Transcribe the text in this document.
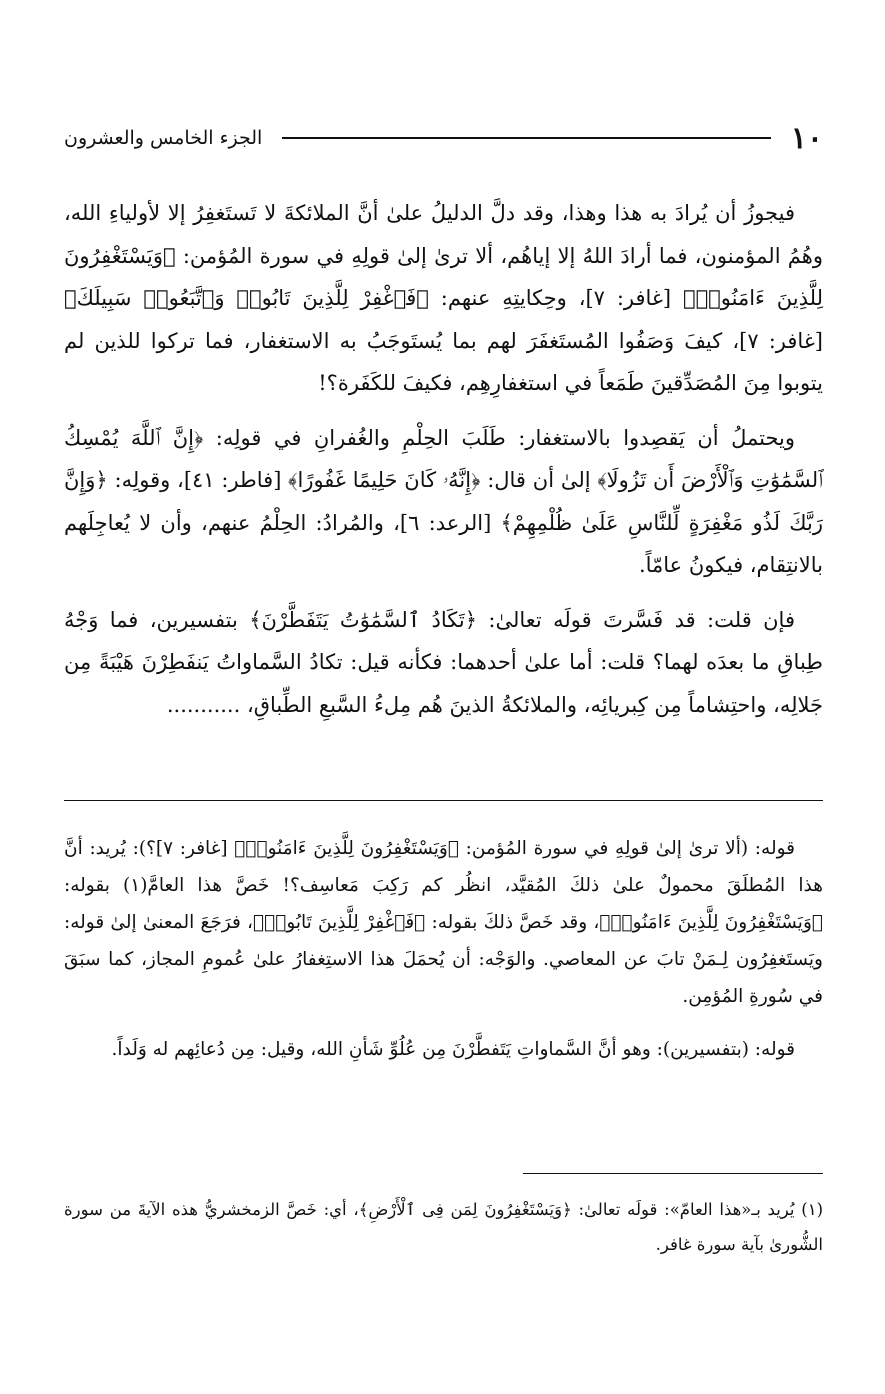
١٠
الجزء الخامس والعشرون

فيجوزُ أن يُرادَ به هذا وهذا، وقد دلَّ الدليلُ علىٰ أنَّ الملائكةَ لا تَستَغفِرُ إلا لأولياءِ الله، وهُمُ المؤمنون، فما أرادَ اللهُ إلا إياهُم، ألا ترىٰ إلىٰ قولِهِ في سورة المُؤمن: ﴿وَيَسْتَغْفِرُونَ لِلَّذِينَ ءَامَنُوا۟﴾ [غافر: ٧]، وحِكايتِهِ عنهم: ﴿فَٱغْفِرْ لِلَّذِينَ تَابُوا۟ وَٱتَّبَعُوا۟ سَبِيلَكَ﴾ [غافر: ٧]، كيفَ وَصَفُوا المُستَغفَرَ لهم بما يُستَوجَبُ به الاستغفار، فما تركوا للذين لم يتوبوا مِنَ المُصَدِّقينَ طَمَعاً في استغفارِهِم، فكيفَ للكَفَرة؟!

ويحتملُ أن يَقصِدوا بالاستغفار: طَلَبَ الحِلْمِ والغُفرانِ في قولِه: ﴿إِنَّ ٱللَّهَ يُمْسِكُ ٱلسَّمَٰوَٰتِ وَٱلْأَرْضَ أَن تَزُولَا﴾ إلىٰ أن قال: ﴿إِنَّهُۥ كَانَ حَلِيمًا غَفُورًا﴾ [فاطر: ٤١]، وقولِه: ﴿وَإِنَّ رَبَّكَ لَذُو مَغْفِرَةٍ لِّلنَّاسِ عَلَىٰ ظُلْمِهِمْ﴾ [الرعد: ٦]، والمُرادُ: الحِلْمُ عنهم، وأن لا يُعاجِلَهم بالانتِقام، فيكونُ عامّاً.

فإن قلت: قد فَسَّرتَ قولَه تعالىٰ: ﴿تَكَادُ ٱلسَّمَٰوَٰتُ يَتَفَطَّرْنَ﴾ بتفسيرين، فما وَجْهُ طِباقِ ما بعدَه لهما؟ قلت: أما علىٰ أحدهما: فكأنه قيل: تكادُ السَّماواتُ يَنفَطِرْنَ هَيْبَةً مِن جَلالِه، واحتِشاماً مِن كِبريائِه، والملائكةُ الذينَ هُم مِلءُ السَّبعِ الطِّباقِ، ...........

قوله: (ألا ترىٰ إلىٰ قولِهِ في سورة المُؤمن: ﴿وَيَسْتَغْفِرُونَ لِلَّذِينَ ءَامَنُوا۟﴾ [غافر: ٧]؟): يُريد: أنَّ هذا المُطلَقَ محمولٌ علىٰ ذلكَ المُقيَّد، انظُر كم رَكِبَ مَعاسِف؟! خَصَّ هذا العامَّ(١) بقوله: ﴿وَيَسْتَغْفِرُونَ لِلَّذِينَ ءَامَنُوا۟﴾، وقد خَصَّ ذلكَ بقوله: ﴿فَٱغْفِرْ لِلَّذِينَ تَابُوا۟﴾، فرَجَعَ المعنىٰ إلىٰ قوله: ويَستَغفِرُون لِـمَنْ تابَ عن المعاصي. والوَجْه: أن يُحمَلَ هذا الاستِغفارُ علىٰ عُمومِ المجاز، كما سبَقَ في سُورةِ المُؤمِن.

قوله: (بتفسيرين): وهو أنَّ السَّماواتِ يَتَفطَّرْنَ مِن عُلُوِّ شَأنِ الله، وقيل: مِن دُعائِهم له وَلَداً.

(١) يُريد بـ«هذا العامّ»: قولَه تعالىٰ: ﴿وَيَسْتَغْفِرُونَ لِمَن فِى ٱلْأَرْضِ﴾، أي: خَصَّ الزمخشريُّ هذه الآيةَ من سورة الشُّورىٰ بآية سورة غافر.
